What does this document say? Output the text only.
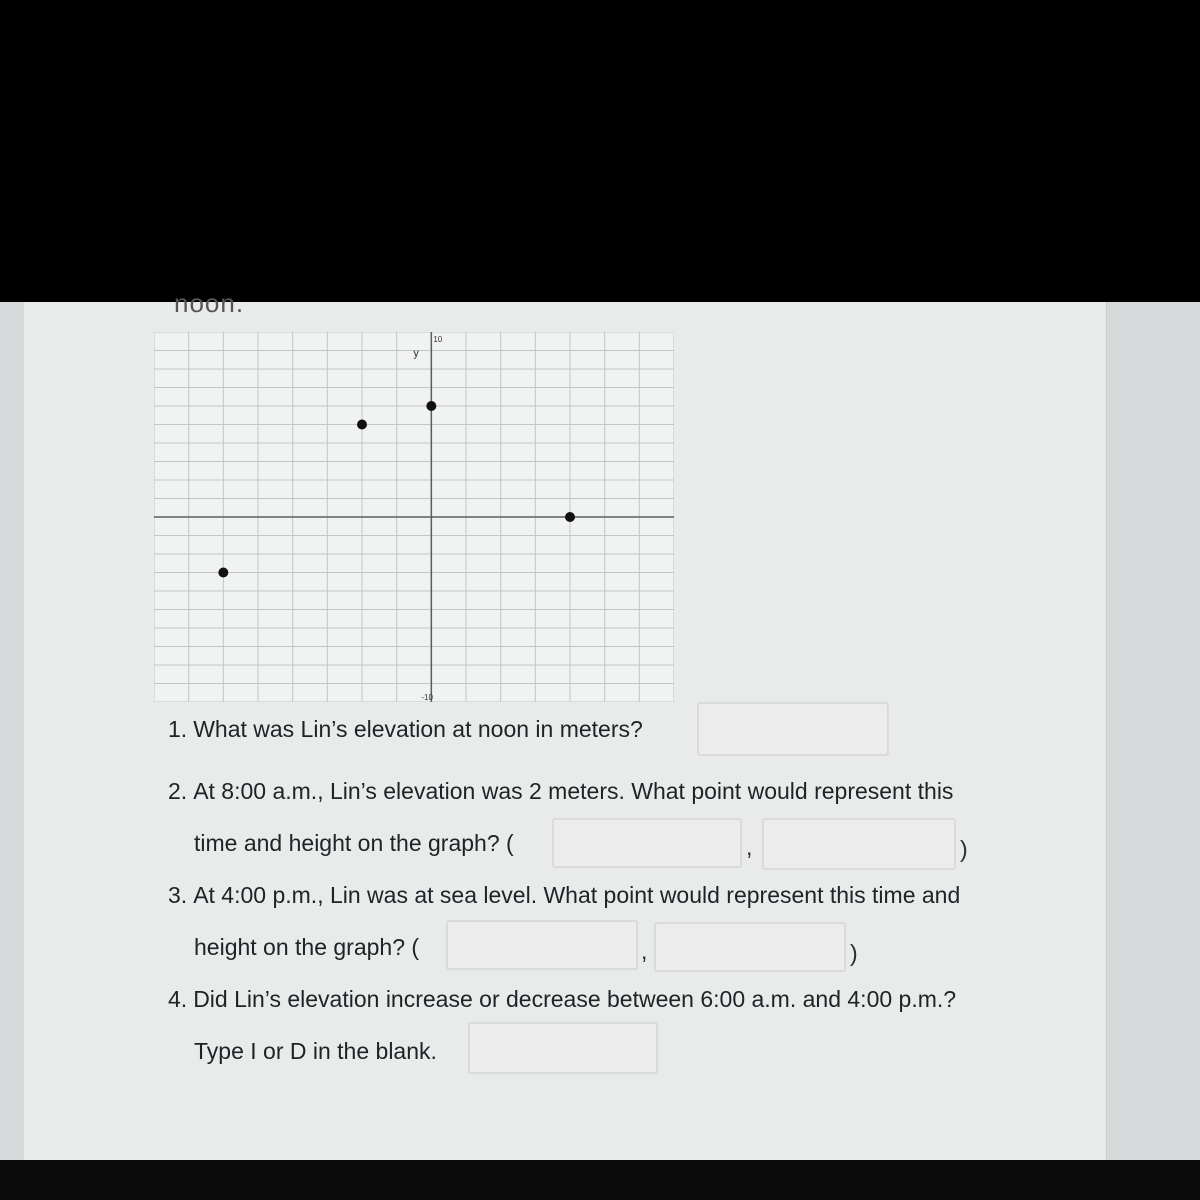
noon.
y
10
-10
1. What was Lin’s elevation at noon in meters?
2. At 8:00 a.m., Lin’s elevation was 2 meters. What point would represent this
time and height on the graph? (	,	)
3. At 4:00 p.m., Lin was at sea level. What point would represent this time and
height on the graph? (	,	)
4. Did Lin’s elevation increase or decrease between 6:00 a.m. and 4:00 p.m.?
Type I or D in the blank.
